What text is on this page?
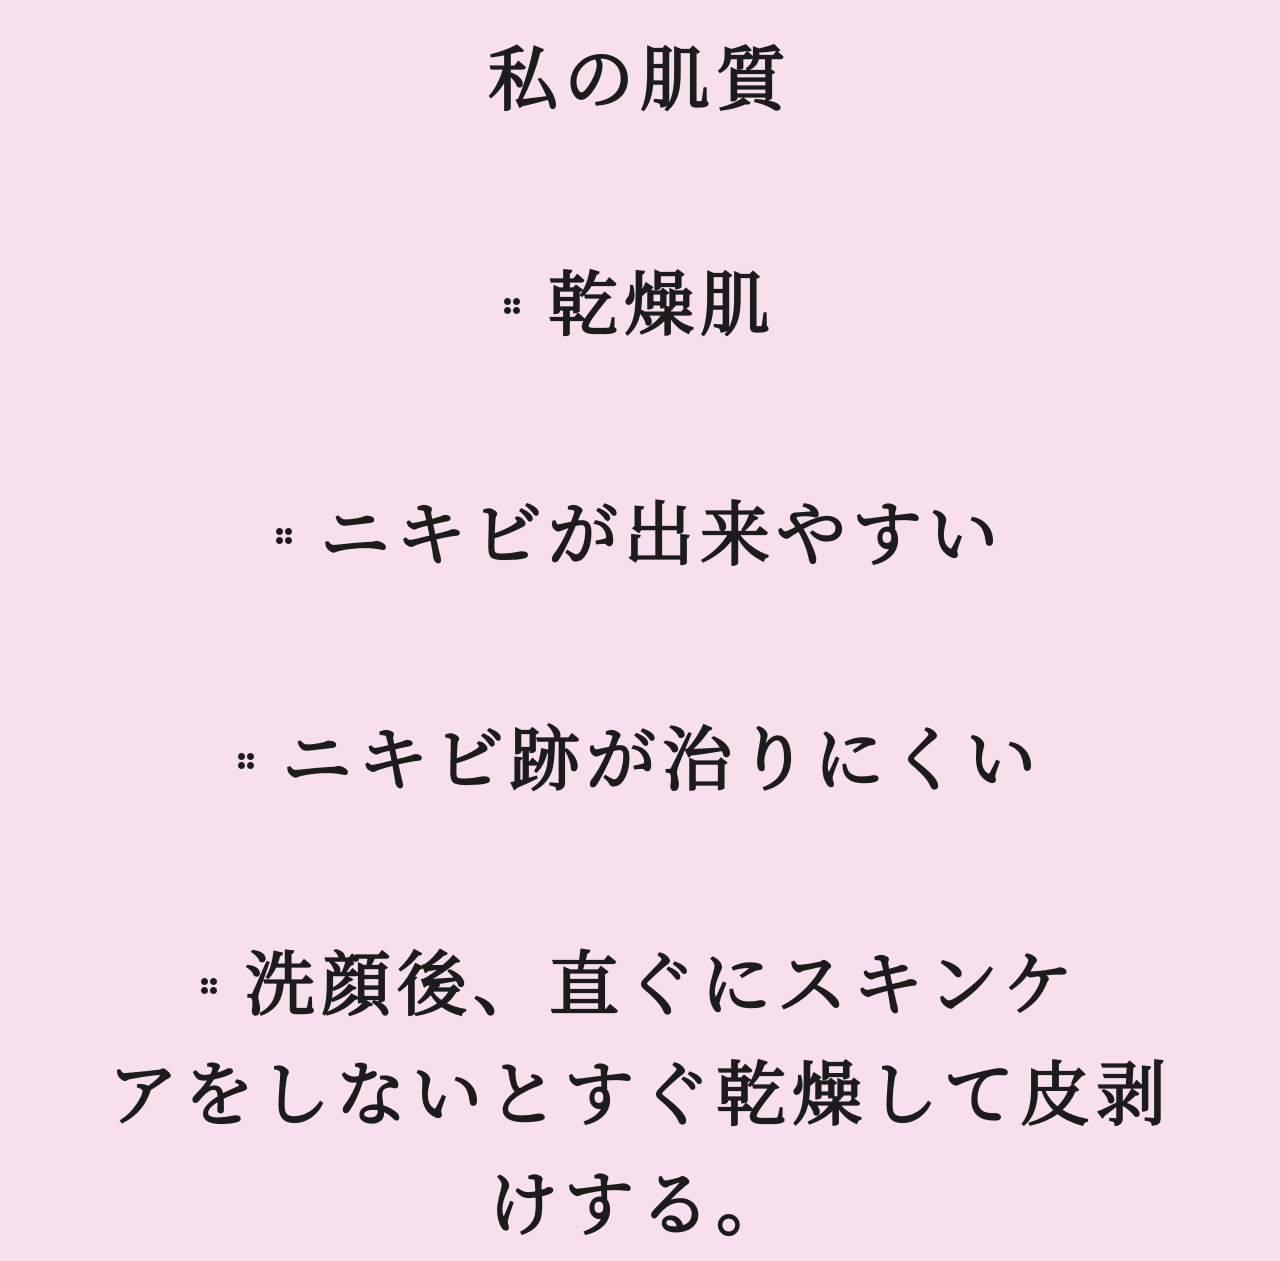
私の肌質

乾燥肌

ニキビが出来やすい

ニキビ跡が治りにくい

洗顔後、直ぐにスキンケ

アをしないとすぐ乾燥して皮剥

けする。
